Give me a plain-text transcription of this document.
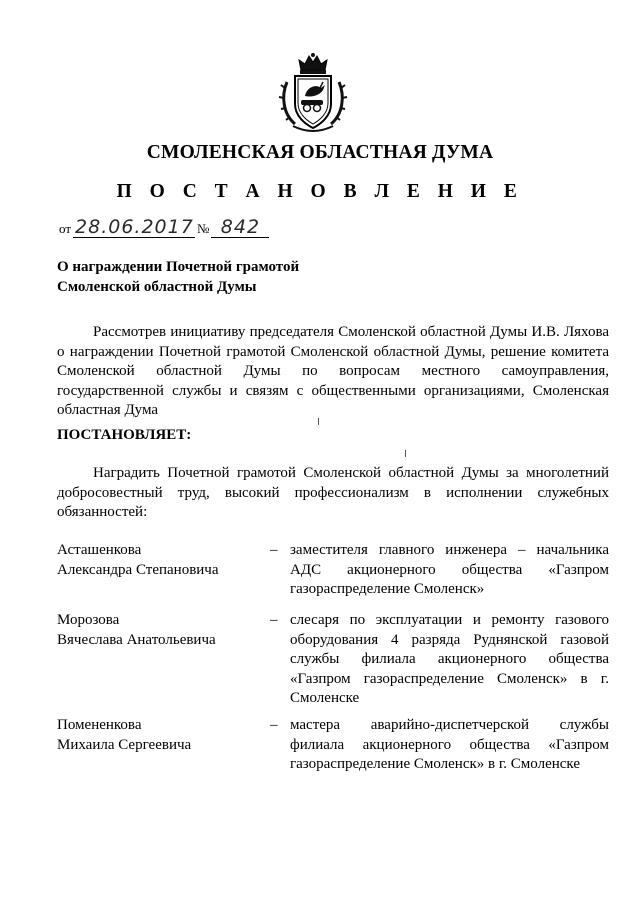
СМОЛЕНСКАЯ ОБЛАСТНАЯ ДУМА
П О С Т А Н О В Л Е Н И Е
от 28.06.2017 № 842
О награждении Почетной грамотой
Смоленской областной Думы
Рассмотрев инициативу председателя Смоленской областной Думы И.В. Ляхова о награждении Почетной грамотой Смоленской областной Думы, решение комитета Смоленской областной Думы по вопросам местного самоуправления, государственной службы и связям с общественными организациями, Смоленская областная Дума
ПОСТАНОВЛЯЕТ:
Наградить Почетной грамотой Смоленской областной Думы за многолетний добросовестный труд, высокий профессионализм в исполнении служебных обязанностей:
Асташенкова
Александра Степановича
– заместителя главного инженера – начальника АДС акционерного общества «Газпром газораспределение Смоленск»
Морозова
Вячеслава Анатольевича
– слесаря по эксплуатации и ремонту газового оборудования 4 разряда Руднянской газовой службы филиала акционерного общества «Газпром газораспределение Смоленск» в г. Смоленске
Помененкова
Михаила Сергеевича
– мастера аварийно-диспетчерской службы филиала акционерного общества «Газпром газораспределение Смоленск» в г. Смоленске
